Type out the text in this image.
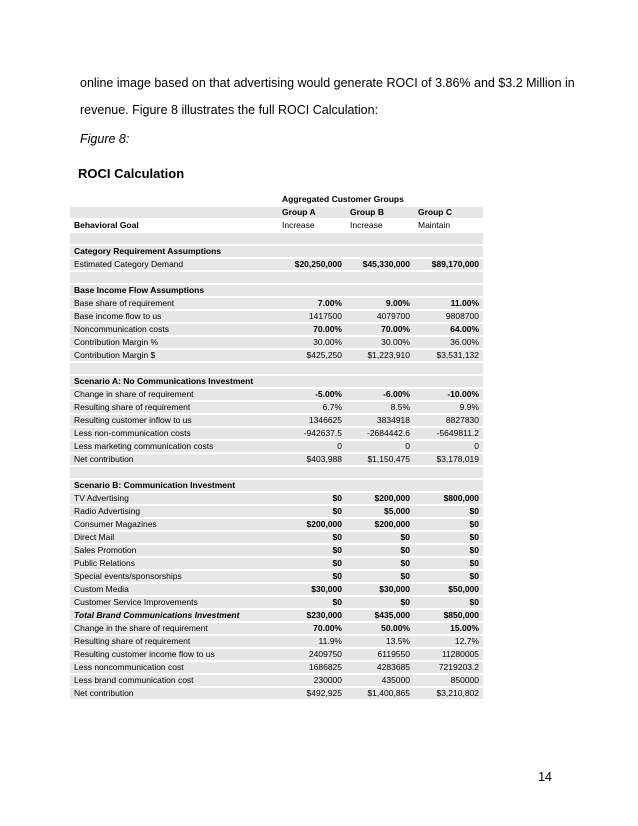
online image based on that advertising would generate ROCI of 3.86% and $3.2 Million in
revenue. Figure 8 illustrates the full ROCI Calculation:
Figure 8:
ROCI Calculation
	Aggregated Customer Groups		
	Group A	Group B	Group C
Behavioral Goal	Increase	Increase	Maintain

Category Requirement Assumptions			
Estimated Category Demand	$20,250,000	$45,330,000	$89,170,000

Base Income Flow Assumptions			
Base share of requirement	7.00%	9.00%	11.00%
Base income flow to us	1417500	4079700	9808700
Noncommunication costs	70.00%	70.00%	64.00%
Contribution Margin %	30.00%	30.00%	36.00%
Contribution Margin $	$425,250	$1,223,910	$3,531,132

Scenario A: No Communications Investment			
Change in share of requirement	-5.00%	-6.00%	-10.00%
Resulting share of requirement	6.7%	8.5%	9.9%
Resulting customer inflow to us	1346625	3834918	8827830
Less non-communication costs	-942637.5	-2684442.6	-5649811.2
Less marketing communication costs	0	0	0
Net contribution	$403,988	$1,150,475	$3,178,019

Scenario B: Communication Investment			
TV Advertising	$0	$200,000	$800,000
Radio Advertising	$0	$5,000	$0
Consumer Magazines	$200,000	$200,000	$0
Direct Mail	$0	$0	$0
Sales Promotion	$0	$0	$0
Public Relations	$0	$0	$0
Special events/sponsorships	$0	$0	$0
Custom Media	$30,000	$30,000	$50,000
Customer Service Improvements	$0	$0	$0
Total Brand Communications Investment	$230,000	$435,000	$850,000
Change in the share of requirement	70.00%	50.00%	15.00%
Resulting share of requirement	11.9%	13.5%	12.7%
Resulting customer income flow to us	2409750	6119550	11280005
Less noncommunication cost	1686825	4283685	7219203.2
Less brand communication cost	230000	435000	850000
Net contribution	$492,925	$1,400,865	$3,210,802
14
